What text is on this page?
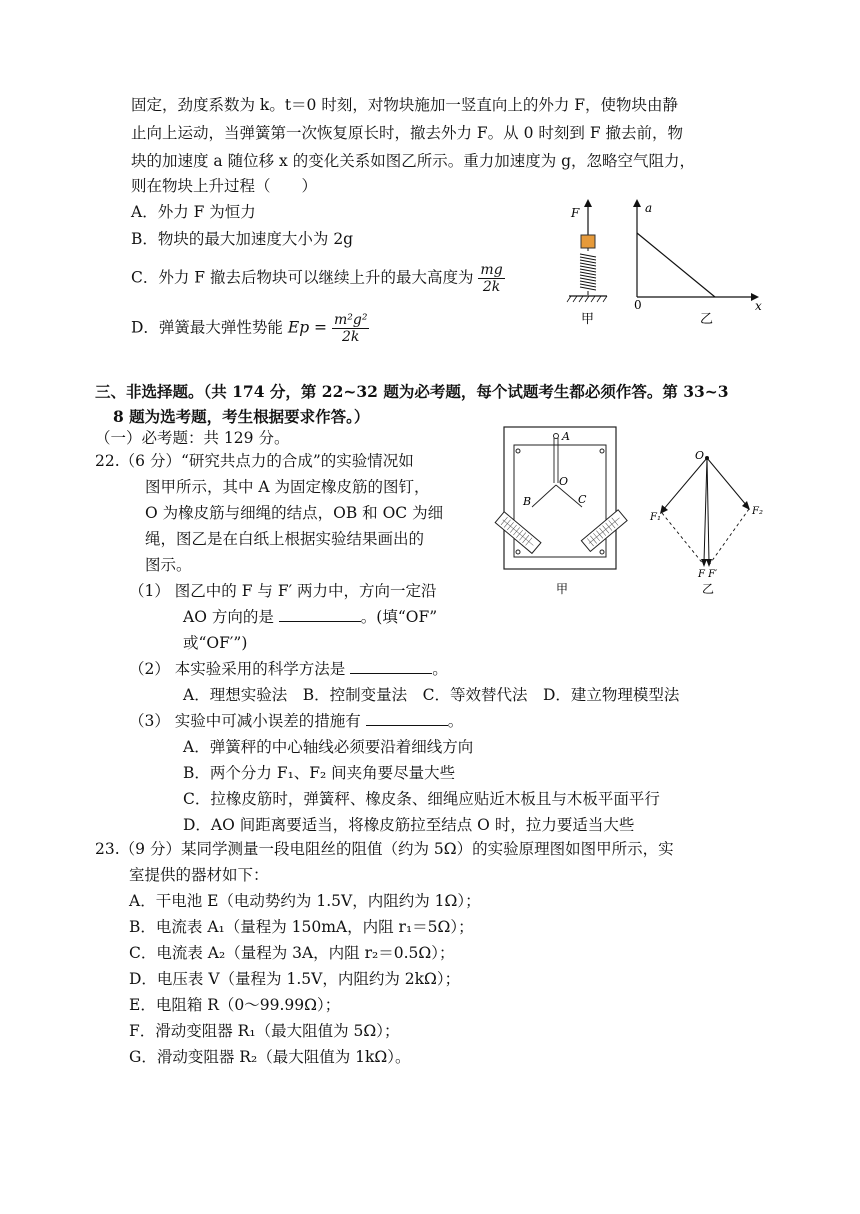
固定，劲度系数为 k。t＝0 时刻，对物块施加一竖直向上的外力 F，使物块由静
止向上运动，当弹簧第一次恢复原长时，撤去外力 F。从 0 时刻到 F 撤去前，物
块的加速度 a 随位移 x 的变化关系如图乙所示。重力加速度为 g，忽略空气阻力，
则在物块上升过程（　　）
A．外力 F 为恒力
B．物块的最大加速度大小为 2g
C．外力 F 撤去后物块可以继续上升的最大高度为 $\frac{mg}{2k}$
D．弹簧最大弹性势能 $Ep = \frac{\text{m²g²}}{2k}$
F
甲
a
x
0
乙
三、非选择题。（共 174 分，第 22~32 题为必考题，每个试题考生都必须作答。第 33~3
8 题为选考题，考生根据要求作答。）
（一）必考题：共 129 分。
22.（6 分）“研究共点力的合成”的实验情况如
图甲所示，其中 A 为固定橡皮筋的图钉，
O 为橡皮筋与细绳的结点，OB 和 OC 为细
绳，图乙是在白纸上根据实验结果画出的
图示。
（1） 图乙中的 F 与 F′ 两力中，方向一定沿
AO 方向的是	。(填“OF”
或“OF′”)
（2） 本实验采用的科学方法是	。
A．理想实验法　B．控制变量法　C．等效替代法　D．建立物理模型法
（3） 实验中可减小误差的措施有	。
A．弹簧秤的中心轴线必须要沿着细线方向
B．两个分力 F₁、F₂ 间夹角要尽量大些
C．拉橡皮筋时，弹簧秤、橡皮条、细绳应贴近木板且与木板平面平行
D．AO 间距离要适当，将橡皮筋拉至结点 O 时，拉力要适当大些
A
O
B	C
甲
O
F₁
F₂
F F′
乙
23.（9 分）某同学测量一段电阻丝的阻值（约为 5Ω）的实验原理图如图甲所示，实
室提供的器材如下：
A．干电池 E（电动势约为 1.5V，内阻约为 1Ω）；
B．电流表 A₁（量程为 150mA，内阻 r₁＝5Ω）；
C．电流表 A₂（量程为 3A，内阻 r₂＝0.5Ω）；
D．电压表 V（量程为 1.5V，内阻约为 2kΩ）；
E．电阻箱 R（0～99.99Ω）；
F．滑动变阻器 R₁（最大阻值为 5Ω）；
G．滑动变阻器 R₂（最大阻值为 1kΩ）。
